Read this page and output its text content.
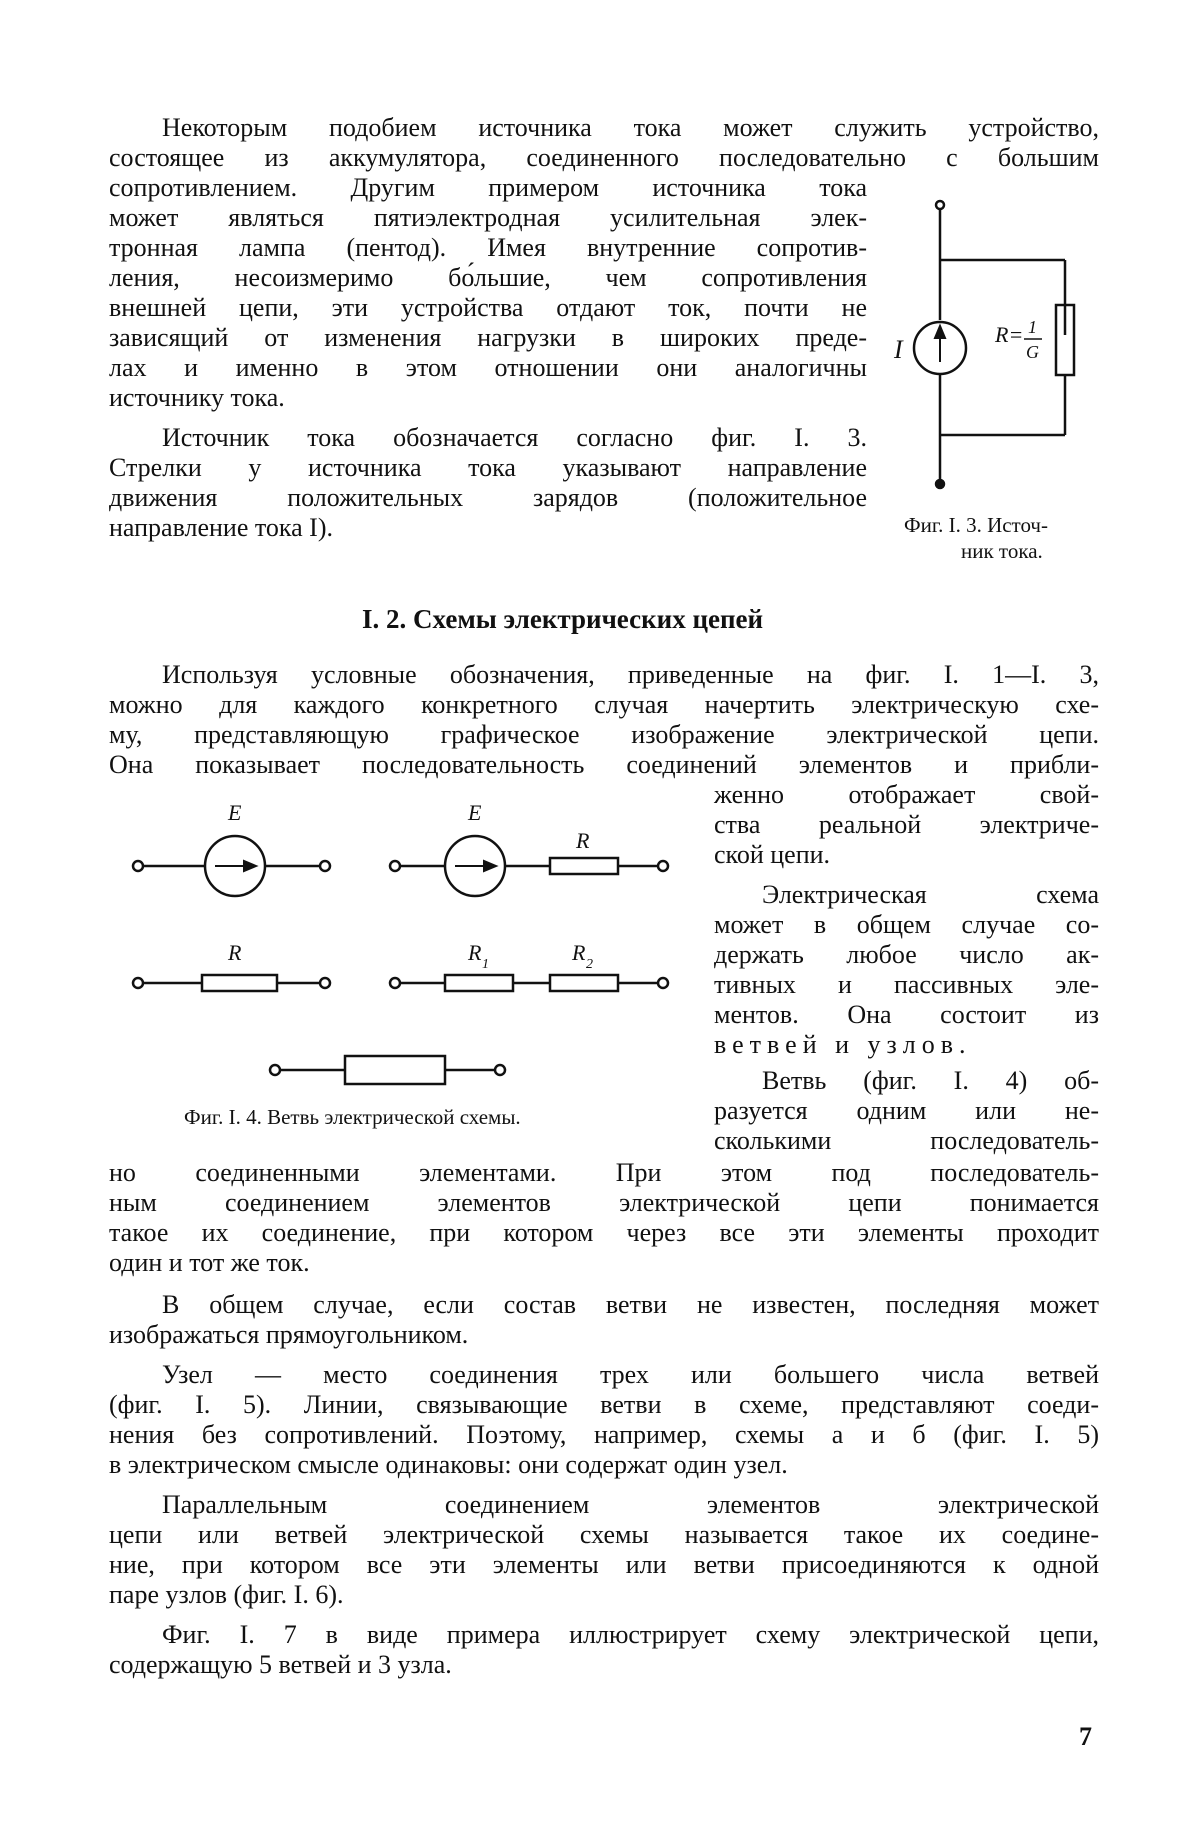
Некоторым подобием источника тока может служить устройство,
состоящее из аккумулятора, соединенного последовательно с большим
сопротивлением. Другим примером источника тока
может являться пятиэлектродная усилительная элек-
тронная лампа (пентод). Имея внутренние сопротив-
ления, несоизмеримо бо́льшие, чем сопротивления
внешней цепи, эти устройства отдают ток, почти не
зависящий от изменения нагрузки в широких преде-
лах и именно в этом отношении они аналогичны
источнику тока.
Источник тока обозначается согласно фиг. I. 3.
Стрелки у источника тока указывают направление
движения положительных зарядов (положительное
направление тока I).
I
R= 1
G
Фиг. I. 3. Источ-
ник тока.
I. 2. Схемы электрических цепей
Используя условные обозначения, приведенные на фиг. I. 1—I. 3,
можно для каждого конкретного случая начертить электрическую схе-
му, представляющую графическое изображение электрической цепи.
Она показывает последовательность соединений элементов и прибли-
женно отображает свой-
ства реальной электриче-
ской цепи.
Электрическая схема
может в общем случае со-
держать любое число ак-
тивных и пассивных эле-
ментов. Она состоит из
ветвей и узлов.
Ветвь (фиг. I. 4) об-
разуется одним или не-
сколькими последователь-
но соединенными элементами. При этом под последователь-
ным соединением элементов электрической цепи понимается
такое их соединение, при котором через все эти элементы проходит
один и тот же ток.
В общем случае, если состав ветви не известен, последняя может
изображаться прямоугольником.
Узел — место соединения трех или большего числа ветвей
(фиг. I. 5). Линии, связывающие ветви в схеме, представляют соеди-
нения без сопротивлений. Поэтому, например, схемы а и б (фиг. I. 5)
в электрическом смысле одинаковы: они содержат один узел.
Параллельным соединением элементов электрической
цепи или ветвей электрической схемы называется такое их соедине-
ние, при котором все эти элементы или ветви присоединяются к одной
паре узлов (фиг. I. 6).
Фиг. I. 7 в виде примера иллюстрирует схему электрической цепи,
содержащую 5 ветвей и 3 узла.
E	E
R
R	R 1	R 2
Фиг. I. 4. Ветвь электрической схемы.
7
